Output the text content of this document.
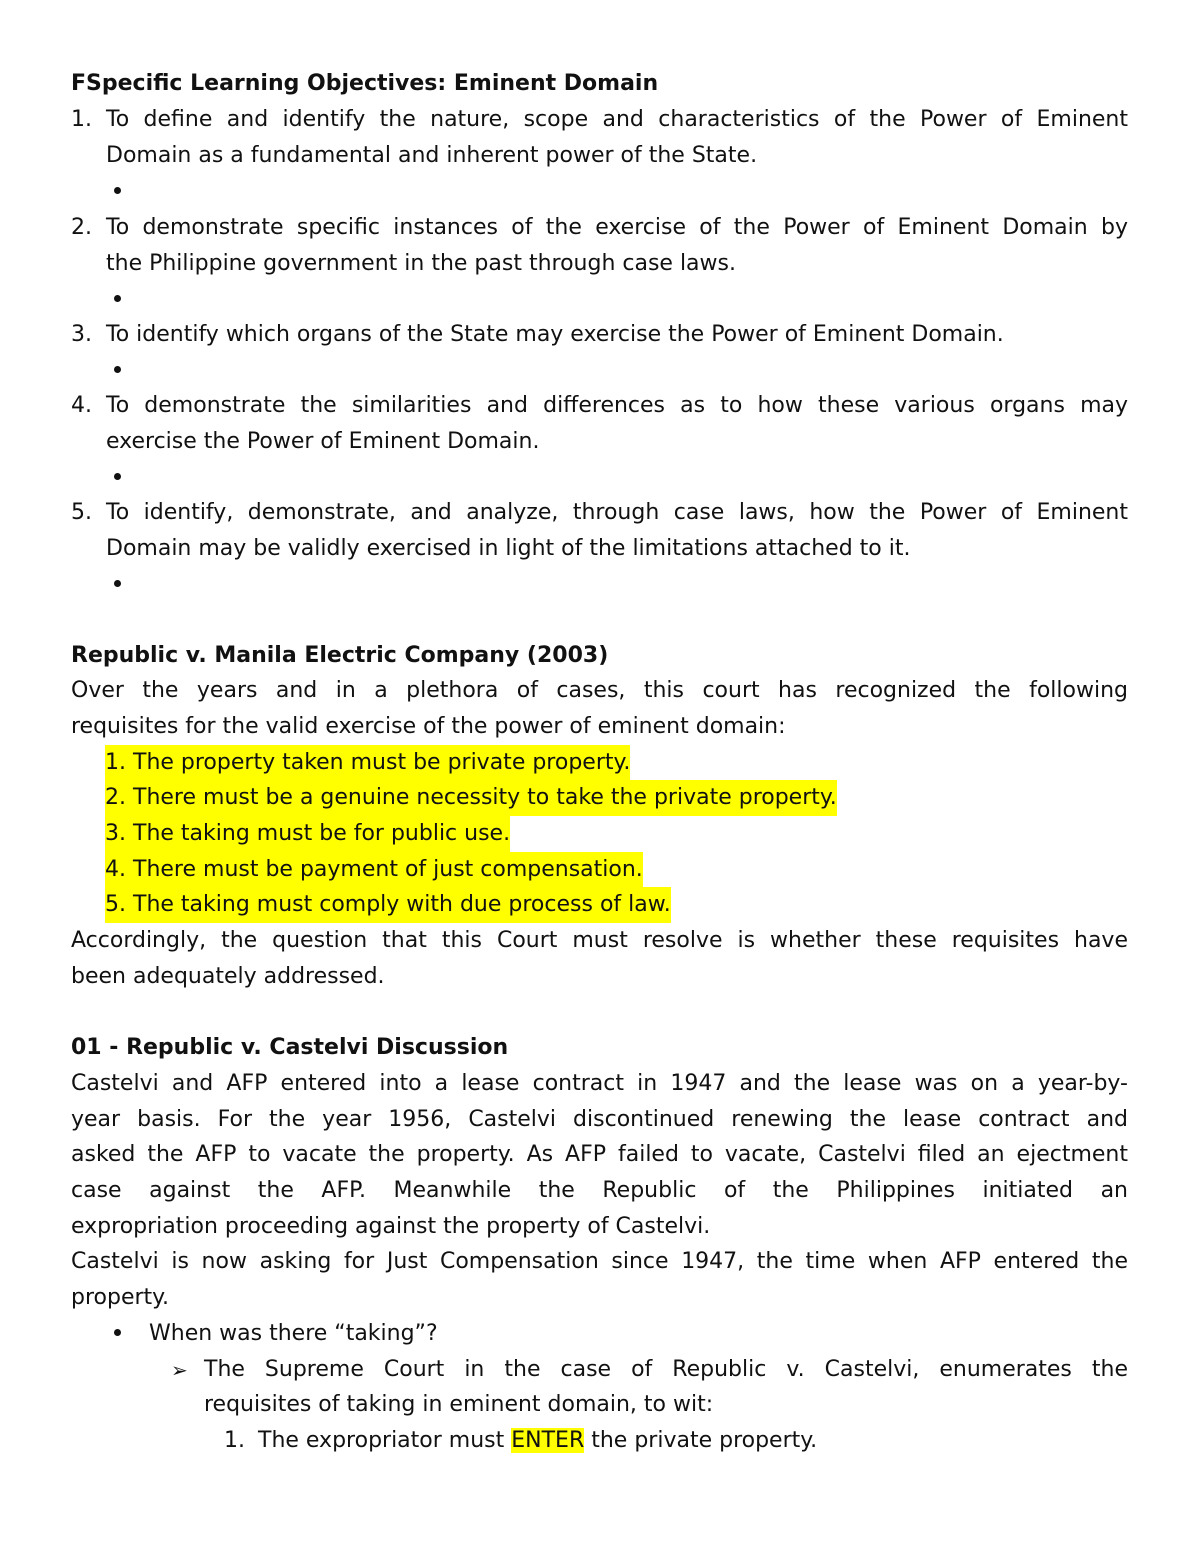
FSpecific Learning Objectives: Eminent Domain
1. To define and identify the nature, scope and characteristics of the Power of Eminent
Domain as a fundamental and inherent power of the State.
2. To demonstrate specific instances of the exercise of the Power of Eminent Domain by
the Philippine government in the past through case laws.
3. To identify which organs of the State may exercise the Power of Eminent Domain.
4. To demonstrate the similarities and differences as to how these various organs may
exercise the Power of Eminent Domain.
5. To identify, demonstrate, and analyze, through case laws, how the Power of Eminent
Domain may be validly exercised in light of the limitations attached to it.
Republic v. Manila Electric Company (2003)
Over the years and in a plethora of cases, this court has recognized the following
requisites for the valid exercise of the power of eminent domain:
1. The property taken must be private property.
2. There must be a genuine necessity to take the private property.
3. The taking must be for public use.
4. There must be payment of just compensation.
5. The taking must comply with due process of law.
Accordingly, the question that this Court must resolve is whether these requisites have
been adequately addressed.
01 - Republic v. Castelvi Discussion
Castelvi and AFP entered into a lease contract in 1947 and the lease was on a year-by-
year basis. For the year 1956, Castelvi discontinued renewing the lease contract and
asked the AFP to vacate the property. As AFP failed to vacate, Castelvi filed an ejectment
case against the AFP. Meanwhile the Republic of the Philippines initiated an
expropriation proceeding against the property of Castelvi.
Castelvi is now asking for Just Compensation since 1947, the time when AFP entered the
property.
When was there “taking”?
➢ The Supreme Court in the case of Republic v. Castelvi, enumerates the
requisites of taking in eminent domain, to wit:
1. The expropriator must ENTER the private property.
